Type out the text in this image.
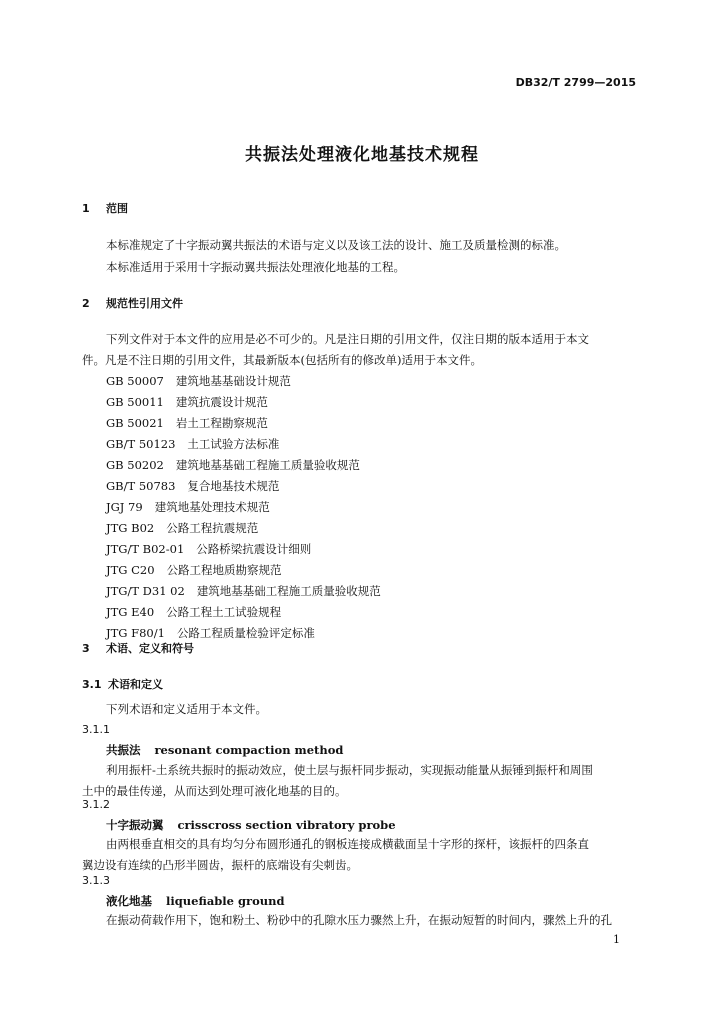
DB32/T 2799—2015
共振法处理液化地基技术规程
1 范围
本标准规定了十字振动翼共振法的术语与定义以及该工法的设计、施工及质量检测的标准。
本标准适用于采用十字振动翼共振法处理液化地基的工程。
2 规范性引用文件
下列文件对于本文件的应用是必不可少的。凡是注日期的引用文件，仅注日期的版本适用于本文
件。凡是不注日期的引用文件，其最新版本(包括所有的修改单)适用于本文件。
GB 50007 建筑地基基础设计规范
GB 50011 建筑抗震设计规范
GB 50021 岩土工程勘察规范
GB/T 50123 土工试验方法标准
GB 50202 建筑地基基础工程施工质量验收规范
GB/T 50783 复合地基技术规范
JGJ 79 建筑地基处理技术规范
JTG B02 公路工程抗震规范
JTG/T B02-01 公路桥梁抗震设计细则
JTG C20 公路工程地质勘察规范
JTG/T D31 02 建筑地基基础工程施工质量验收规范
JTG E40 公路工程土工试验规程
JTG F80/1 公路工程质量检验评定标准
3 术语、定义和符号
3.1 术语和定义
下列术语和定义适用于本文件。
3.1.1
共振法 resonant compaction method
利用振杆-土系统共振时的振动效应，使土层与振杆同步振动，实现振动能量从振锤到振杆和周围
土中的最佳传递，从而达到处理可液化地基的目的。
3.1.2
十字振动翼 crisscross section vibratory probe
由两根垂直相交的具有均匀分布圆形通孔的钢板连接成横截面呈十字形的探杆，该振杆的四条直
翼边设有连续的凸形半圆齿，振杆的底端设有尖刺齿。
3.1.3
液化地基 liquefiable ground
在振动荷载作用下，饱和粉土、粉砂中的孔隙水压力骤然上升，在振动短暂的时间内，骤然上升的孔
1
